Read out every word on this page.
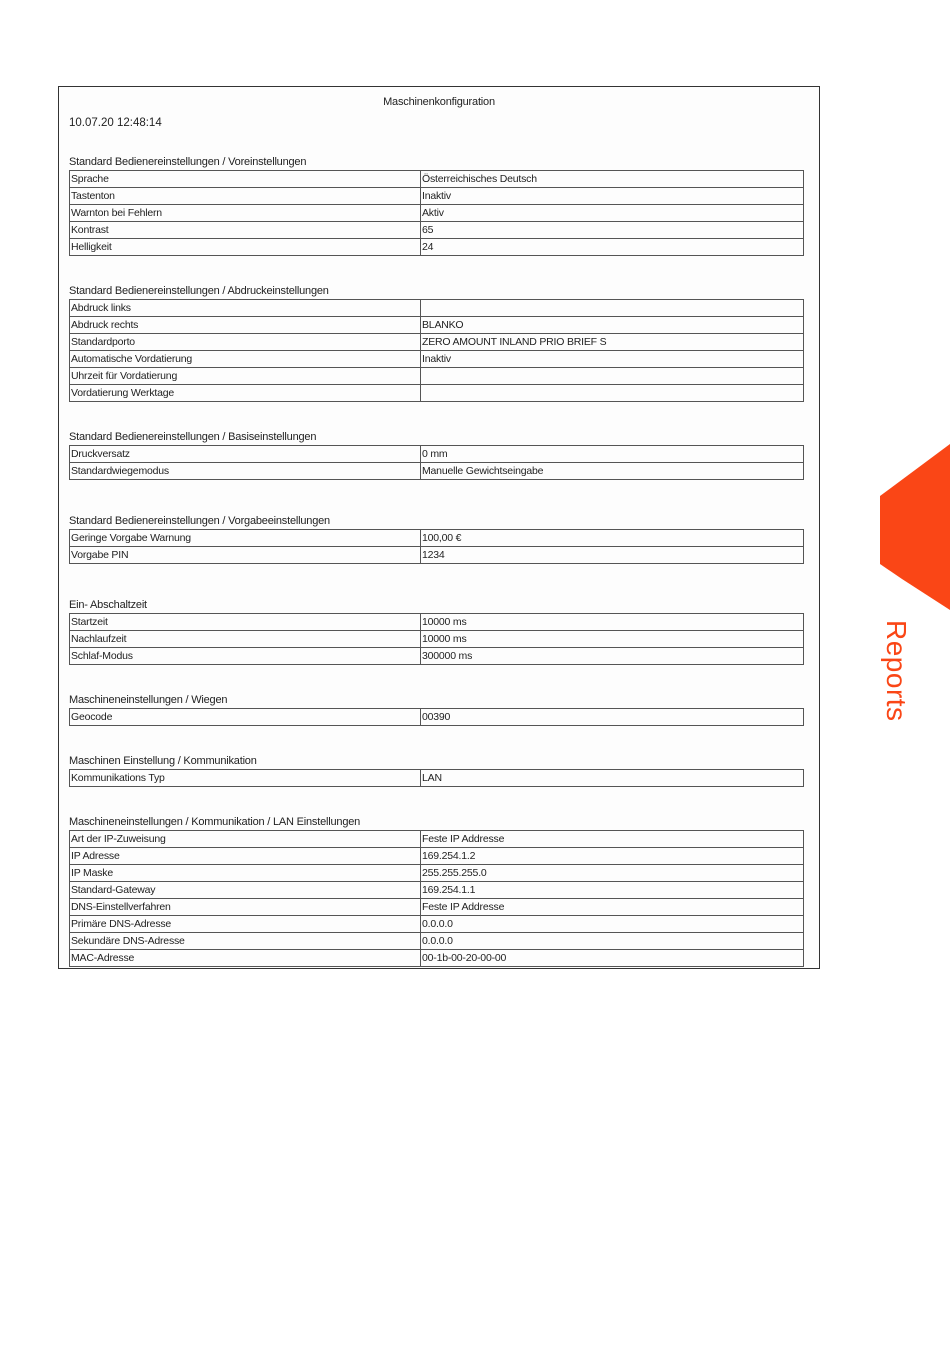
Maschinenkonfiguration
10.07.20 12:48:14
Standard Bedienereinstellungen / Voreinstellungen
Sprache	Österreichisches Deutsch
Tastenton	Inaktiv
Warnton bei Fehlern	Aktiv
Kontrast	65
Helligkeit	24
Standard Bedienereinstellungen / Abdruckeinstellungen
Abdruck links	
Abdruck rechts	BLANKO
Standardporto	ZERO AMOUNT INLAND PRIO BRIEF S
Automatische Vordatierung	Inaktiv
Uhrzeit für Vordatierung	
Vordatierung Werktage	
Standard Bedienereinstellungen / Basiseinstellungen
Druckversatz	0 mm
Standardwiegemodus	Manuelle Gewichtseingabe
Standard Bedienereinstellungen / Vorgabeeinstellungen
Geringe Vorgabe Warnung	100,00 €
Vorgabe PIN	1234
Ein- Abschaltzeit
Startzeit	10000 ms
Nachlaufzeit	10000 ms
Schlaf-Modus	300000 ms
Maschineneinstellungen / Wiegen
Geocode	00390
Maschinen Einstellung / Kommunikation
Kommunikations Typ	LAN
Maschineneinstellungen / Kommunikation / LAN Einstellungen
Art der IP-Zuweisung	Feste IP Addresse
IP Adresse	169.254.1.2
IP Maske	255.255.255.0
Standard-Gateway	169.254.1.1
DNS-Einstellverfahren	Feste IP Addresse
Primäre DNS-Adresse	0.0.0.0
Sekundäre DNS-Adresse	0.0.0.0
MAC-Adresse	00-1b-00-20-00-00
Reports
